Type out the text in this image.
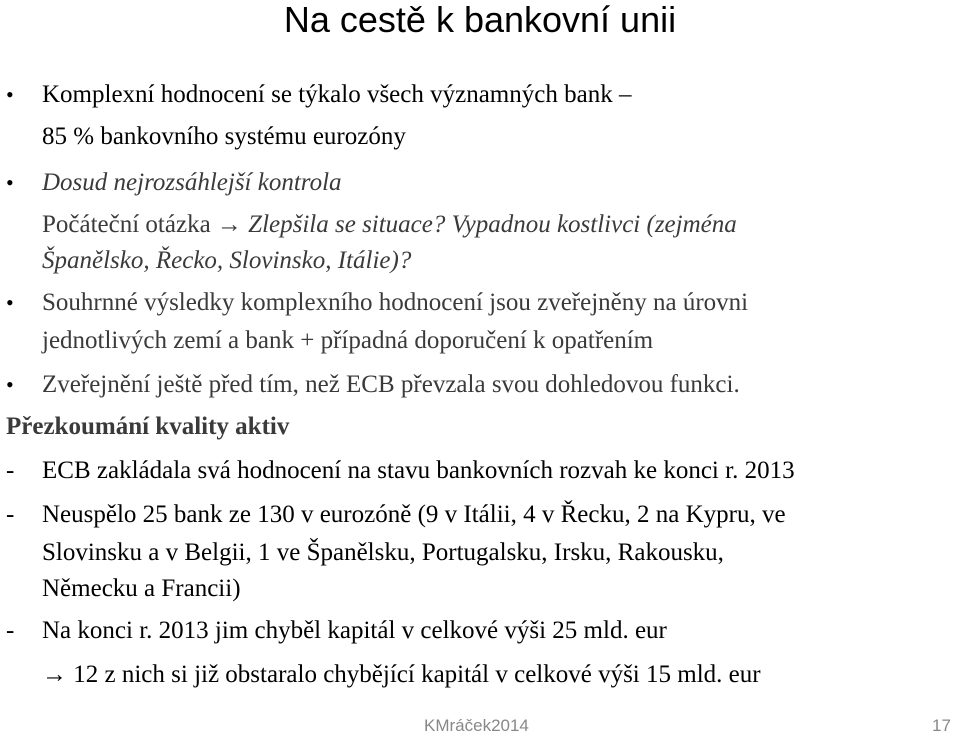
Na cestě k bankovní unii
• Komplexní hodnocení se týkalo všech významných bank –
85 % bankovního systému eurozóny
• Dosud nejrozsáhlejší kontrola
Počáteční otázka → Zlepšila se situace? Vypadnou kostlivci (zejména
Španělsko, Řecko, Slovinsko, Itálie)?
• Souhrnné výsledky komplexního hodnocení jsou zveřejněny na úrovni
jednotlivých zemí a bank + případná doporučení k opatřením
• Zveřejnění ještě před tím, než ECB převzala svou dohledovou funkci.
Přezkoumání kvality aktiv
- ECB zakládala svá hodnocení na stavu bankovních rozvah ke konci r. 2013
- Neuspělo 25 bank ze 130 v eurozóně (9 v Itálii, 4 v Řecku, 2 na Kypru, ve
Slovinsku a v Belgii, 1 ve Španělsku, Portugalsku, Irsku, Rakousku,
Německu a Francii)
- Na konci r. 2013 jim chyběl kapitál v celkové výši 25 mld. eur
→ 12 z nich si již obstaralo chybějící kapitál v celkové výši 15 mld. eur
KMráček2014	17
